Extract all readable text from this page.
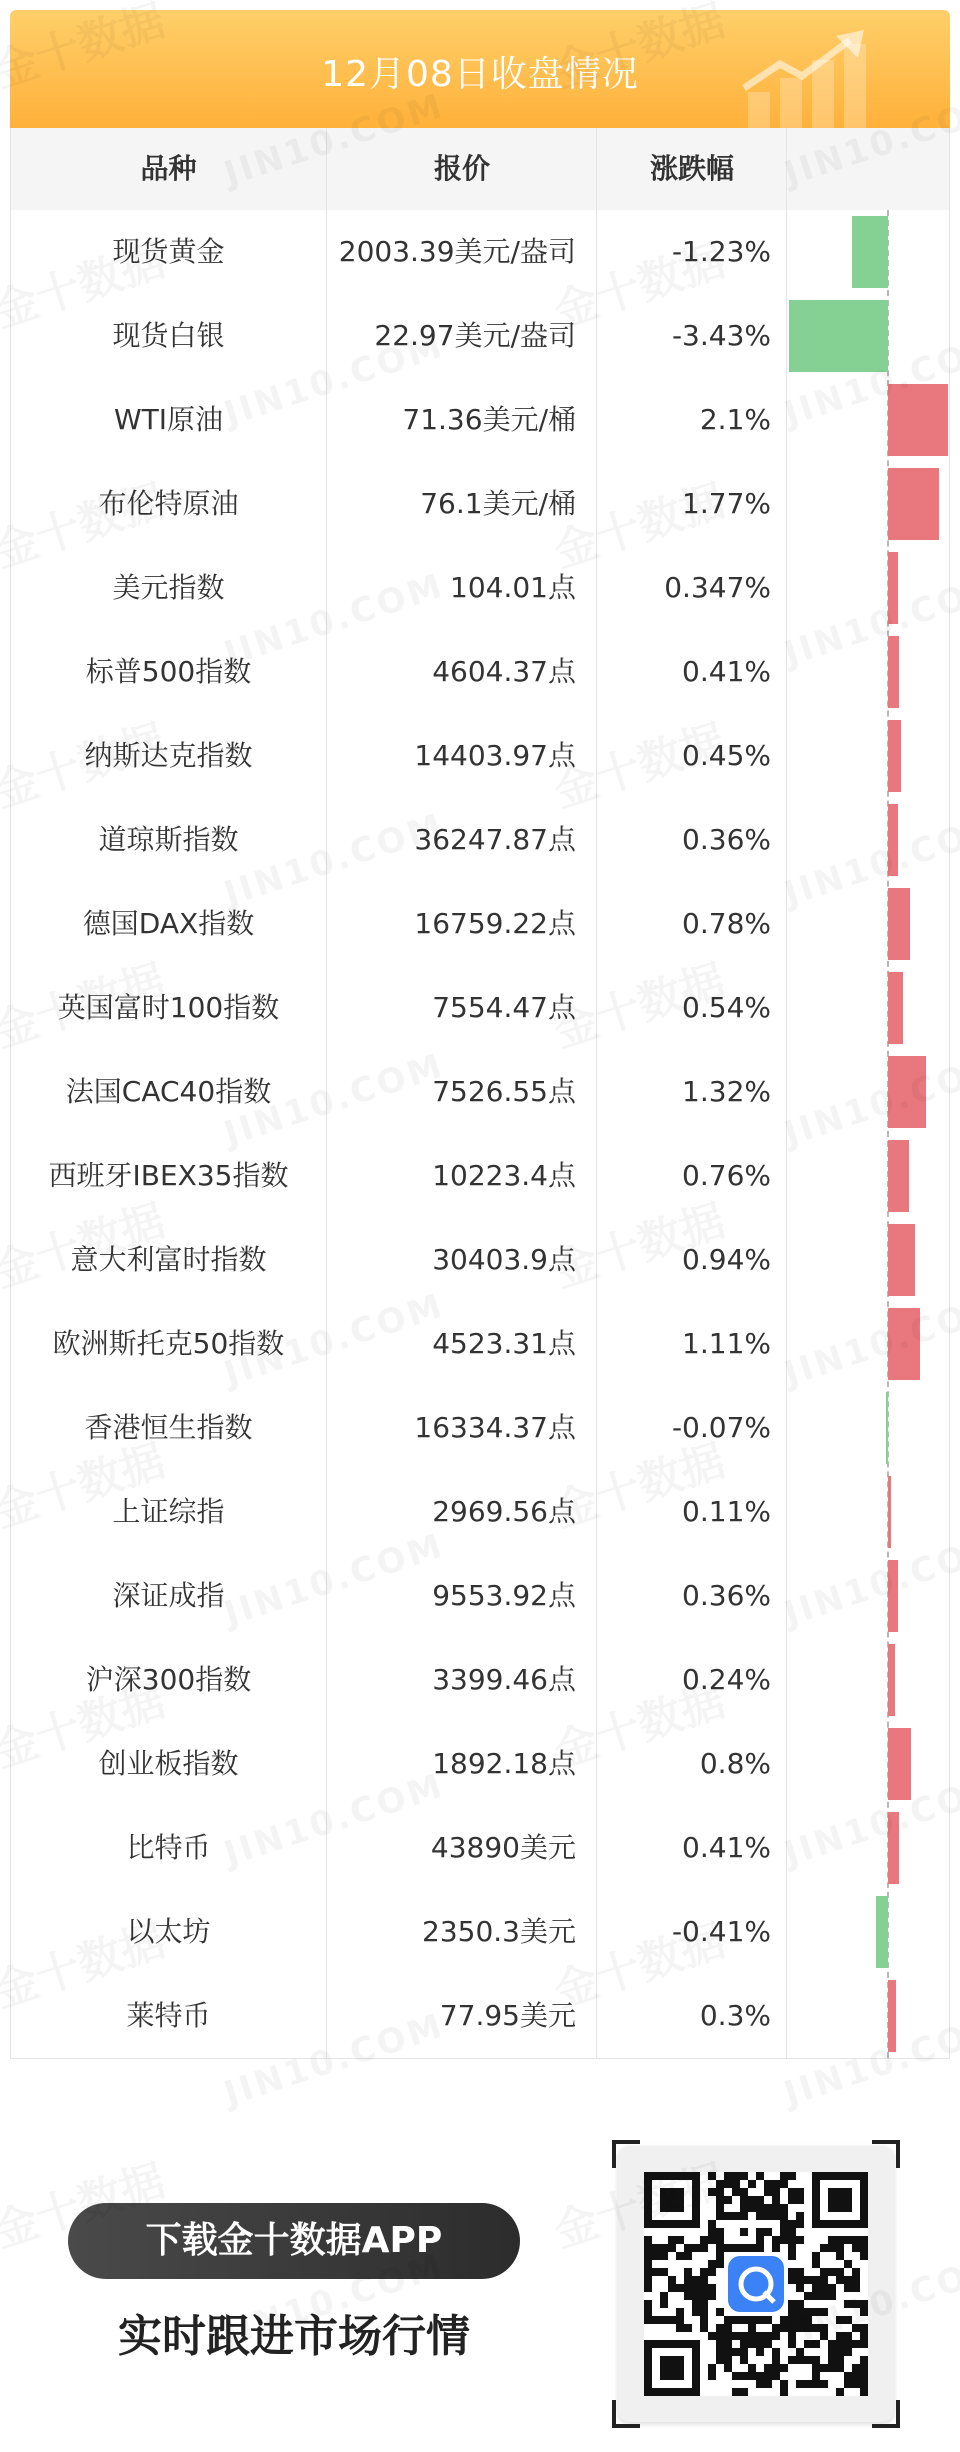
12月08日收盘情况
品种	报价	涨跌幅
现货黄金	2003.39美元/盎司	-1.23%
现货白银	22.97美元/盎司	-3.43%
WTI原油	71.36美元/桶	2.1%
布伦特原油	76.1美元/桶	1.77%
美元指数	104.01点	0.347%
标普500指数	4604.37点	0.41%
纳斯达克指数	14403.97点	0.45%
道琼斯指数	36247.87点	0.36%
德国DAX指数	16759.22点	0.78%
英国富时100指数	7554.47点	0.54%
法国CAC40指数	7526.55点	1.32%
西班牙IBEX35指数	10223.4点	0.76%
意大利富时指数	30403.9点	0.94%
欧洲斯托克50指数	4523.31点	1.11%
香港恒生指数	16334.37点	-0.07%
上证综指	2969.56点	0.11%
深证成指	9553.92点	0.36%
沪深300指数	3399.46点	0.24%
创业板指数	1892.18点	0.8%
比特币	43890美元	0.41%
以太坊	2350.3美元	-0.41%
莱特币	77.95美元	0.3%
下载金十数据APP
实时跟进市场行情
